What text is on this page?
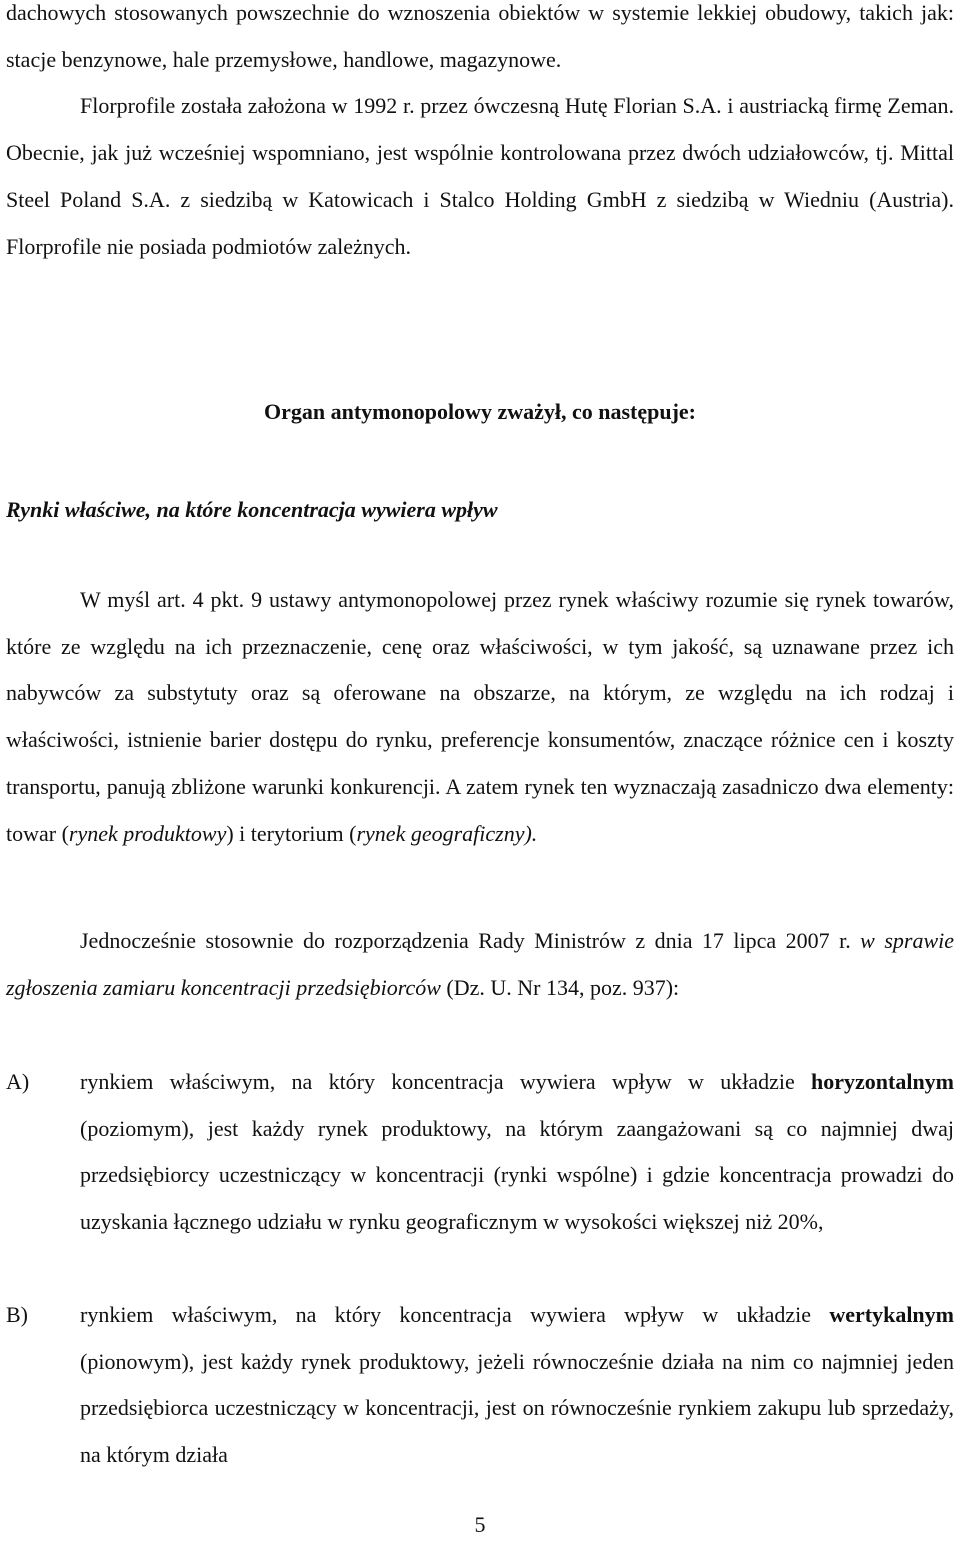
dachowych stosowanych powszechnie do wznoszenia obiektów w systemie lekkiej obudowy, takich jak: stacje benzynowe, hale przemysłowe, handlowe, magazynowe.
Florprofile została założona w 1992 r. przez ówczesną Hutę Florian S.A. i austriacką firmę Zeman. Obecnie, jak już wcześniej wspomniano, jest wspólnie kontrolowana przez dwóch udziałowców, tj. Mittal Steel Poland S.A. z siedzibą w Katowicach i Stalco Holding GmbH z siedzibą w Wiedniu (Austria). Florprofile nie posiada podmiotów zależnych.
Organ antymonopolowy zważył, co następuje:
Rynki właściwe, na które koncentracja wywiera wpływ
W myśl art. 4 pkt. 9 ustawy antymonopolowej przez rynek właściwy rozumie się rynek towarów, które ze względu na ich przeznaczenie, cenę oraz właściwości, w tym jakość, są uznawane przez ich nabywców za substytuty oraz są oferowane na obszarze, na którym, ze względu na ich rodzaj i właściwości, istnienie barier dostępu do rynku, preferencje konsumentów, znaczące różnice cen i koszty transportu, panują zbliżone warunki konkurencji. A zatem rynek ten wyznaczają zasadniczo dwa elementy: towar (rynek produktowy) i terytorium (rynek geograficzny).
Jednocześnie stosownie do rozporządzenia Rady Ministrów z dnia 17 lipca 2007 r. w sprawie zgłoszenia zamiaru koncentracji przedsiębiorców (Dz. U. Nr 134, poz. 937):
A)	rynkiem właściwym, na który koncentracja wywiera wpływ w układzie horyzontalnym (poziomym), jest każdy rynek produktowy, na którym zaangażowani są co najmniej dwaj przedsiębiorcy uczestniczący w koncentracji (rynki wspólne) i gdzie koncentracja prowadzi do uzyskania łącznego udziału w rynku geograficznym w wysokości większej niż 20%,
B)	rynkiem właściwym, na który koncentracja wywiera wpływ w układzie wertykalnym (pionowym), jest każdy rynek produktowy, jeżeli równocześnie działa na nim co najmniej jeden przedsiębiorca uczestniczący w koncentracji, jest on równocześnie rynkiem zakupu lub sprzedaży, na którym działa
5
